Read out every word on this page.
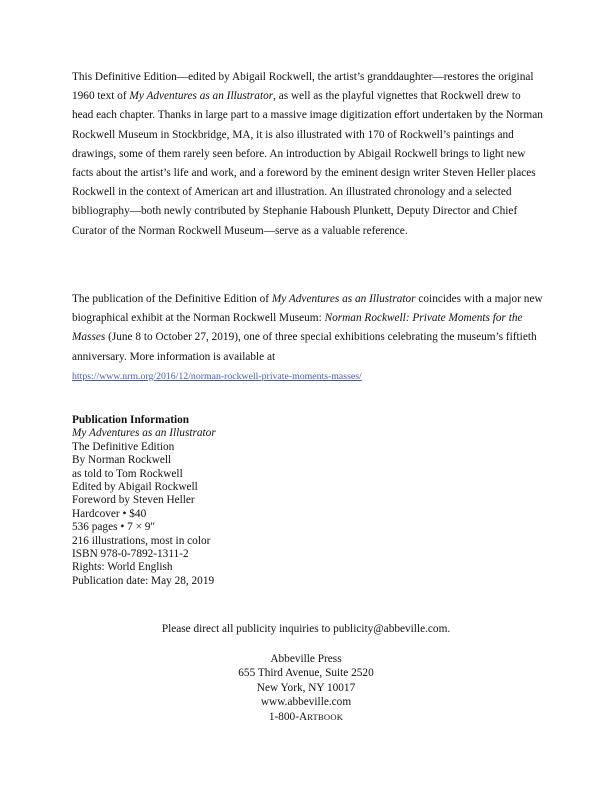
This Definitive Edition—edited by Abigail Rockwell, the artist’s granddaughter—restores the original 1960 text of My Adventures as an Illustrator, as well as the playful vignettes that Rockwell drew to head each chapter. Thanks in large part to a massive image digitization effort undertaken by the Norman Rockwell Museum in Stockbridge, MA, it is also illustrated with 170 of Rockwell’s paintings and drawings, some of them rarely seen before. An introduction by Abigail Rockwell brings to light new facts about the artist’s life and work, and a foreword by the eminent design writer Steven Heller places Rockwell in the context of American art and illustration. An illustrated chronology and a selected bibliography—both newly contributed by Stephanie Haboush Plunkett, Deputy Director and Chief Curator of the Norman Rockwell Museum—serve as a valuable reference.

The publication of the Definitive Edition of My Adventures as an Illustrator coincides with a major new biographical exhibit at the Norman Rockwell Museum: Norman Rockwell: Private Moments for the Masses (June 8 to October 27, 2019), one of three special exhibitions celebrating the museum’s fiftieth anniversary. More information is available at
https://www.nrm.org/2016/12/norman-rockwell-private-moments-masses/

Publication Information
My Adventures as an Illustrator
The Definitive Edition
By Norman Rockwell
as told to Tom Rockwell
Edited by Abigail Rockwell
Foreword by Steven Heller
Hardcover • $40
536 pages • 7 × 9"
216 illustrations, most in color
ISBN 978-0-7892-1311-2
Rights: World English
Publication date: May 28, 2019
Please direct all publicity inquiries to publicity@abbeville.com.
Abbeville Press
655 Third Avenue, Suite 2520
New York, NY 10017
www.abbeville.com
1-800-ARTBOOK
